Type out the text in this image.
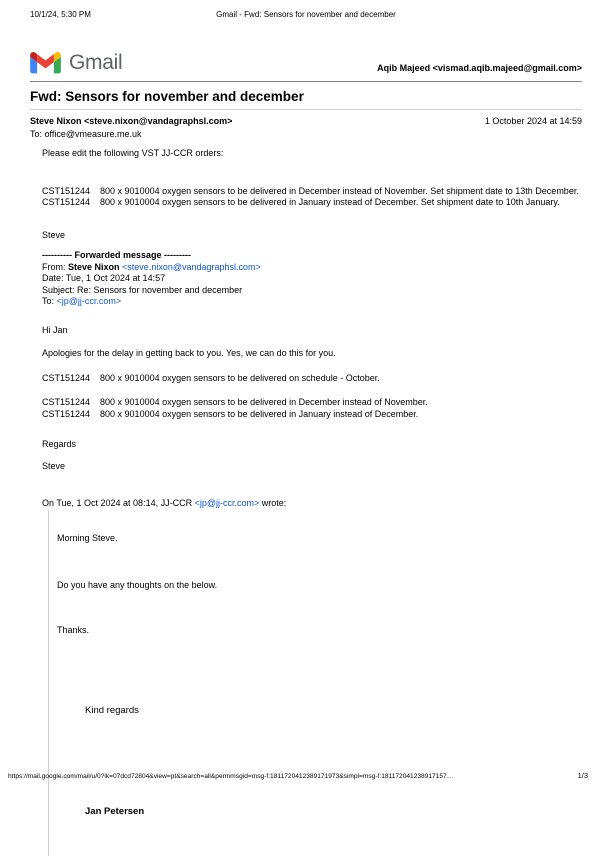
10/1/24, 5:30 PM	Gmail - Fwd: Sensors for november and december
Gmail	Aqib Majeed <vismad.aqib.majeed@gmail.com>
Fwd: Sensors for november and december
Steve Nixon <steve.nixon@vandagraphsl.com>	1 October 2024 at 14:59
To: office@vmeasure.me.uk
Please edit the following VST JJ-CCR orders:
CST151244    800 x 9010004 oxygen sensors to be delivered in December instead of November. Set shipment date to 13th December.
CST151244    800 x 9010004 oxygen sensors to be delivered in January instead of December. Set shipment date to 10th January.
Steve
---------- Forwarded message ---------
From: Steve Nixon <steve.nixon@vandagraphsl.com>
Date: Tue, 1 Oct 2024 at 14:57
Subject: Re: Sensors for november and december
To: <jp@jj-ccr.com>
Hi Jan
Apologies for the delay in getting back to you. Yes, we can do this for you.
CST151244    800 x 9010004 oxygen sensors to be delivered on schedule - October.
CST151244    800 x 9010004 oxygen sensors to be delivered in December instead of November.
CST151244    800 x 9010004 oxygen sensors to be delivered in January instead of December.
Regards
Steve
On Tue, 1 Oct 2024 at 08:14, JJ-CCR <jp@jj-ccr.com> wrote:

Morning Steve.

Do you have any thoughts on the below.

Thanks.

Kind regards

Jan Petersen

https://mail.google.com/mail/u/0?ik=07dcd72804&view=pt&search=all&permmsgid=msg-f:1811720412389171973&simpl=msg-f:181172041238917157…	1/3
